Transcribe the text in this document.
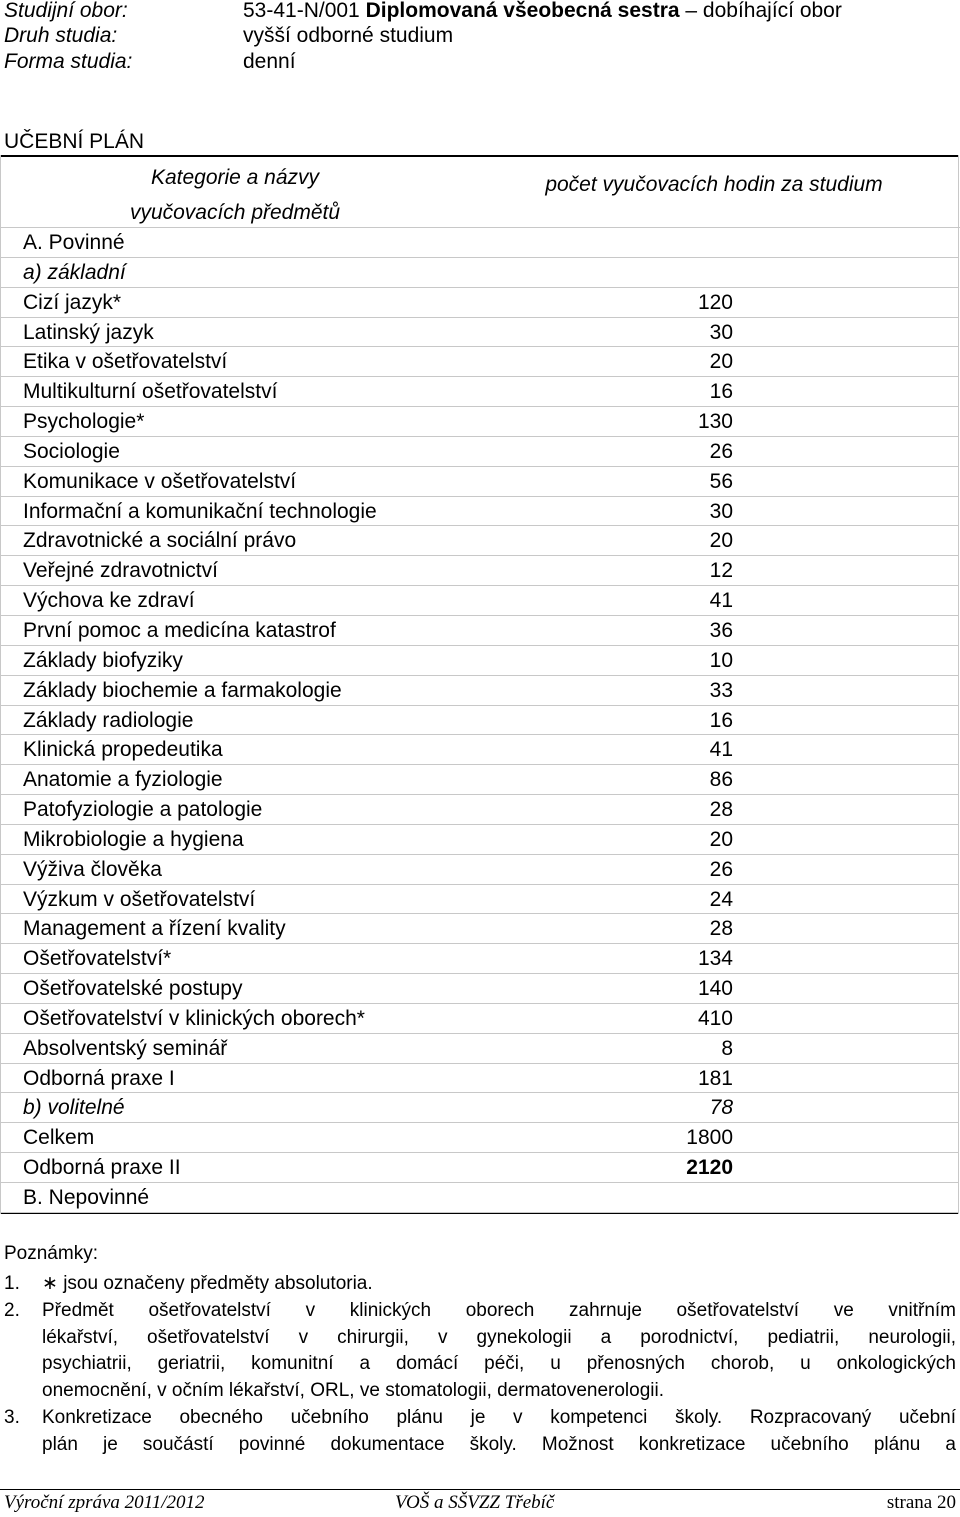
Studijní obor:	53-41-N/001 Diplomovaná všeobecná sestra – dobíhající obor
Druh studia:	vyšší odborné studium
Forma studia:	denní
UČEBNÍ PLÁN
Kategorie a názvy
vyučovacích předmětů
počet vyučovacích hodin za studium
A. Povinné
a) základní
Cizí jazyk*	120
Latinský jazyk	30
Etika v ošetřovatelství	20
Multikulturní ošetřovatelství	16
Psychologie*	130
Sociologie	26
Komunikace v ošetřovatelství	56
Informační a komunikační technologie	30
Zdravotnické a sociální právo	20
Veřejné zdravotnictví	12
Výchova ke zdraví	41
První pomoc a medicína katastrof	36
Základy biofyziky	10
Základy biochemie a farmakologie	33
Základy radiologie	16
Klinická propedeutika	41
Anatomie a fyziologie	86
Patofyziologie a patologie	28
Mikrobiologie a hygiena	20
Výživa člověka	26
Výzkum v ošetřovatelství	24
Management a řízení kvality	28
Ošetřovatelství*	134
Ošetřovatelské postupy	140
Ošetřovatelství v klinických oborech*	410
Absolventský seminář	8
Odborná praxe I	181
b) volitelné	78
Celkem	1800
Odborná praxe II	2120
B. Nepovinné
Poznámky:
1. ∗ jsou označeny předměty absolutoria.
2. Předmět ošetřovatelství v klinických oborech zahrnuje ošetřovatelství ve vnitřním
lékařství, ošetřovatelství v chirurgii, v gynekologii a porodnictví, pediatrii, neurologii,
psychiatrii, geriatrii, komunitní a domácí péči, u přenosných chorob, u onkologických
onemocnění, v očním lékařství, ORL, ve stomatologii, dermatovenerologii.
3. Konkretizace obecného učebního plánu je v kompetenci školy. Rozpracovaný učební
plán je součástí povinné dokumentace školy. Možnost konkretizace učebního plánu a
Výroční zpráva 2011/2012	VOŠ a SŠVZZ Třebíč	strana 20
